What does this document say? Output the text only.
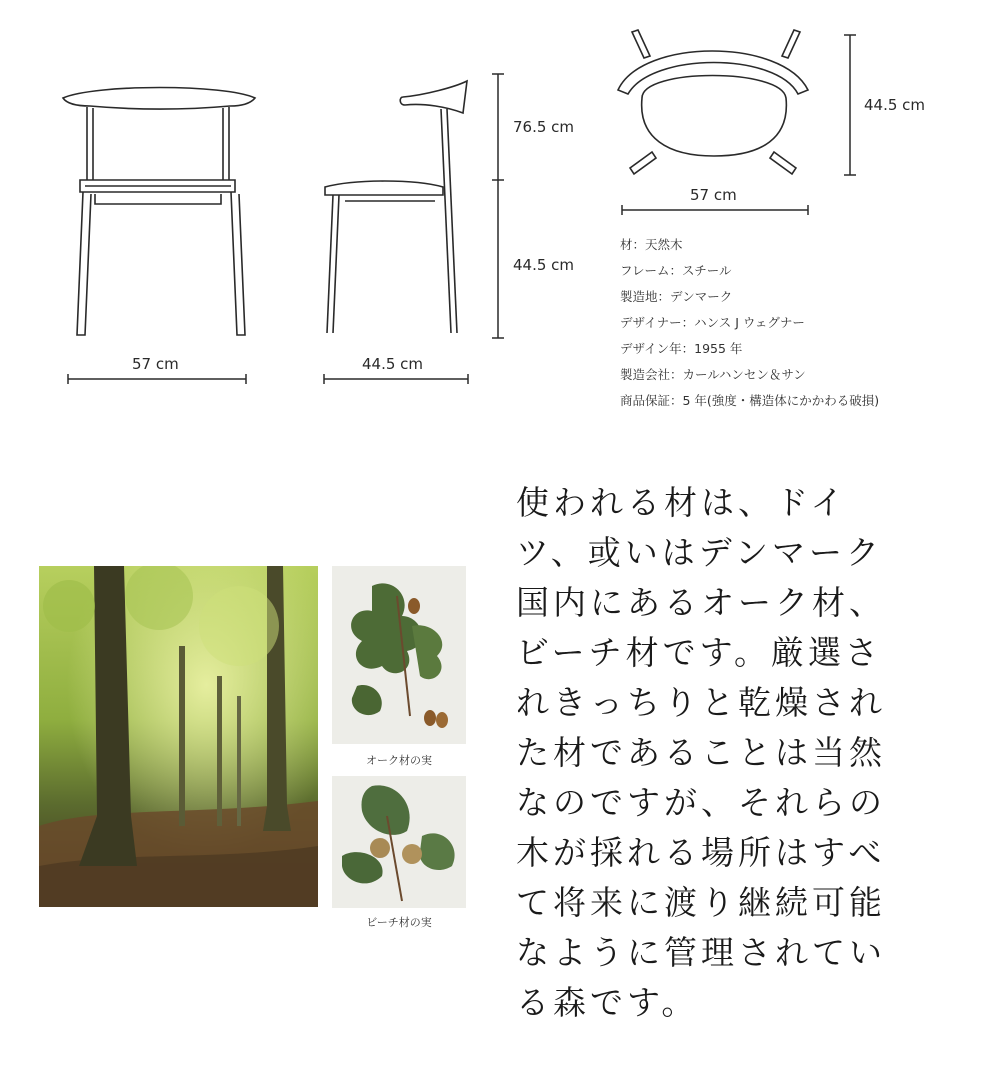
76.5 cm
44.5 cm
57 cm	44.5 cm
44.5 cm
57 cm
材：天然木
フレーム：スチール
製造地：デンマーク
デザイナー：ハンス J ウェグナー
デザイン年：1955 年
製造会社：カールハンセン＆サン
商品保証：5 年(強度・構造体にかかわる破損)
オーク材の実
ビーチ材の実
使われる材は、ドイ
ツ、或いはデンマーク
国内にあるオーク材、
ビーチ材です。厳選さ
れきっちりと乾燥され
た材であることは当然
なのですが、それらの
木が採れる場所はすべ
て将来に渡り継続可能
なように管理されてい
る森です。
